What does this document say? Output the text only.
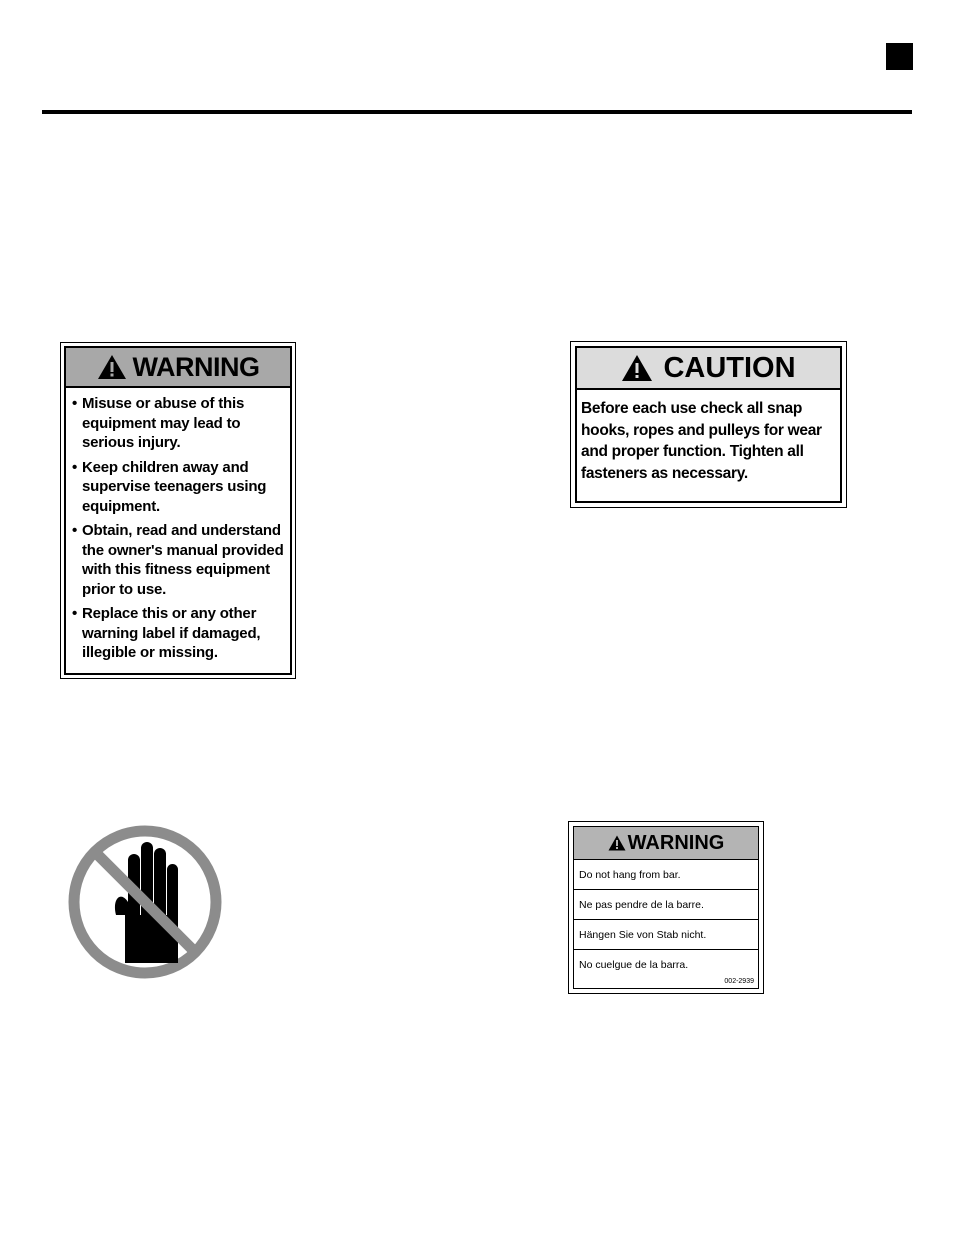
WARNING
• Misuse or abuse of this equipment may lead to serious injury.
• Keep children away and supervise teenagers using equipment.
• Obtain, read and understand the owner's manual provided with this fitness equipment prior to use.
• Replace this or any other warning label if damaged, illegible or missing.
CAUTION
Before each use check all snap hooks, ropes and pulleys for wear and proper function. Tighten all fasteners as necessary.
WARNING
Do not hang from bar.
Ne pas pendre de la barre.
Hängen Sie von Stab nicht.
No cuelgue de la barra.
002-2939
